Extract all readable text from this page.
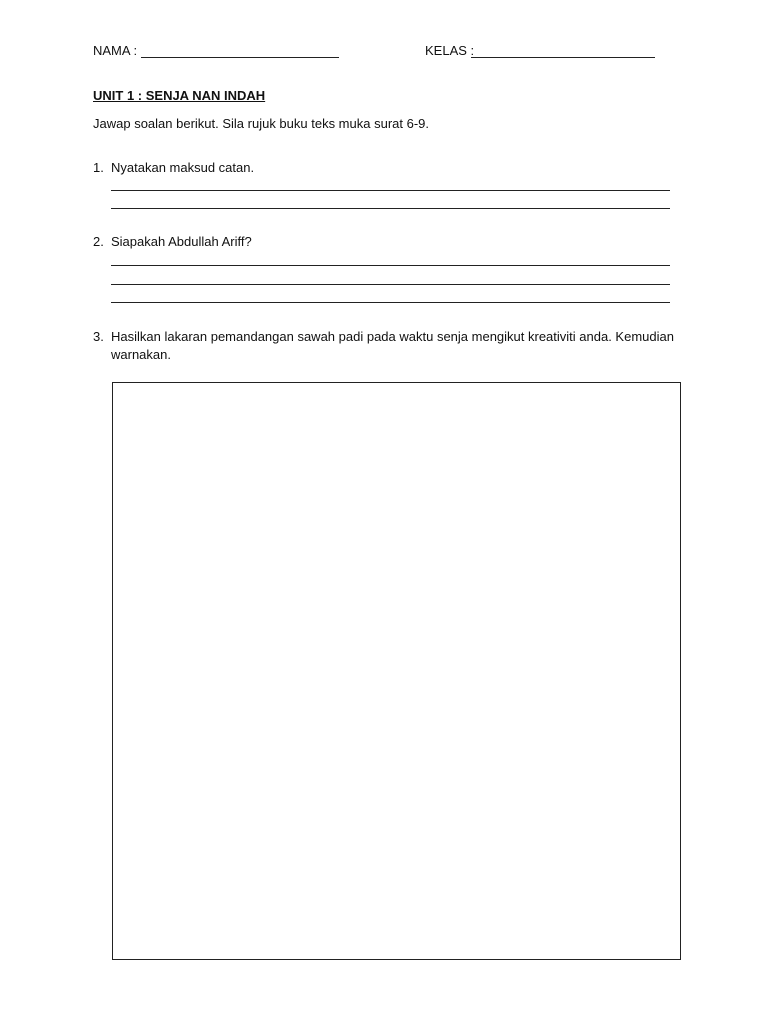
NAMA :	KELAS :
UNIT 1 : SENJA NAN INDAH
Jawap soalan berikut. Sila rujuk buku teks muka surat 6-9.
1. Nyatakan maksud catan.
2. Siapakah Abdullah Ariff?
3. Hasilkan lakaran pemandangan sawah padi pada waktu senja mengikut kreativiti anda. Kemudian warnakan.
